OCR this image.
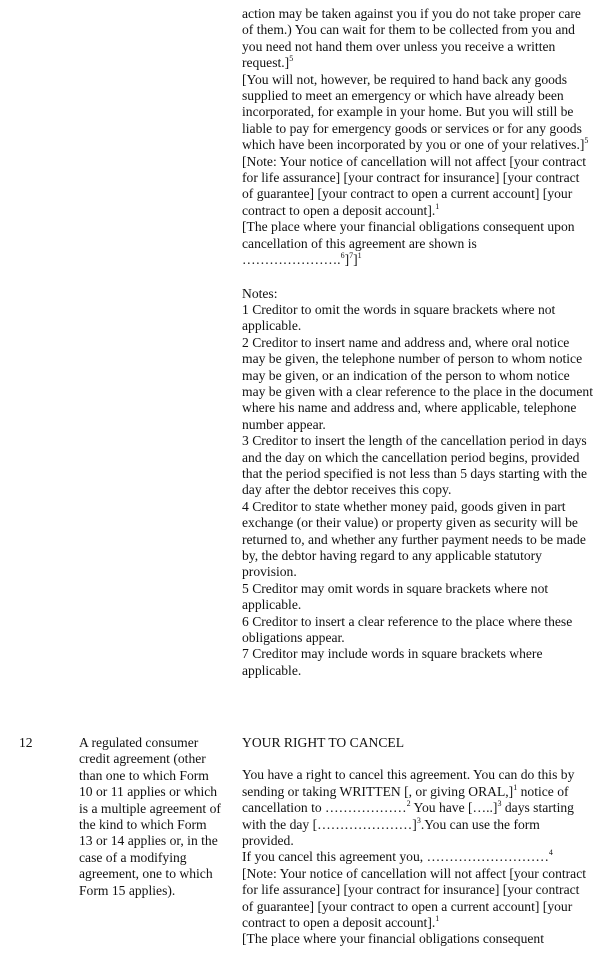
action may be taken against you if you do not take proper care of them.) You can wait for them to be collected from you and you need not hand them over unless you receive a written request.]$^5$

[You will not, however, be required to hand back any goods supplied to meet an emergency or which have already been incorporated, for example in your home. But you will still be liable to pay for emergency goods or services or for any goods which have been incorporated by you or one of your relatives.]$^5$

[Note: Your notice of cancellation will not affect [your contract for life assurance] [your contract for insurance] [your contract of guarantee] [your contract to open a current account] [your contract to open a deposit account].$^1$

[The place where your financial obligations consequent upon cancellation of this agreement are shown is ………………….$^6$]$^7$]$^1$

Notes:

1 Creditor to omit the words in square brackets where not applicable.

2 Creditor to insert name and address and, where oral notice may be given, the telephone number of person to whom notice may be given, or an indication of the person to whom notice may be given with a clear reference to the place in the document where his name and address and, where applicable, telephone number appear.

3 Creditor to insert the length of the cancellation period in days and the day on which the cancellation period begins, provided that the period specified is not less than 5 days starting with the day after the debtor receives this copy.

4 Creditor to state whether money paid, goods given in part exchange (or their value) or property given as security will be returned to, and whether any further payment needs to be made by, the debtor having regard to any applicable statutory provision.

5 Creditor may omit words in square brackets where not applicable.

6 Creditor to insert a clear reference to the place where these obligations appear.

7 Creditor may include words in square brackets where applicable.

12	A regulated consumer
credit agreement (other
than one to which Form
10 or 11 applies or which
is a multiple agreement of
the kind to which Form
13 or 14 applies or, in the
case of a modifying
agreement, one to which
Form 15 applies).

YOUR RIGHT TO CANCEL

You have a right to cancel this agreement. You can do this by sending or taking WRITTEN [, or giving ORAL,]$^1$ notice of cancellation to ………………$^2$ You have […..]$^3$ days starting with the day […………………]$^3$.You can use the form provided.

If you cancel this agreement you, ………………………$^4$

[Note: Your notice of cancellation will not affect [your contract for life assurance] [your contract for insurance] [your contract of guarantee] [your contract to open a current account] [your contract to open a deposit account].$^1$

[The place where your financial obligations consequent
